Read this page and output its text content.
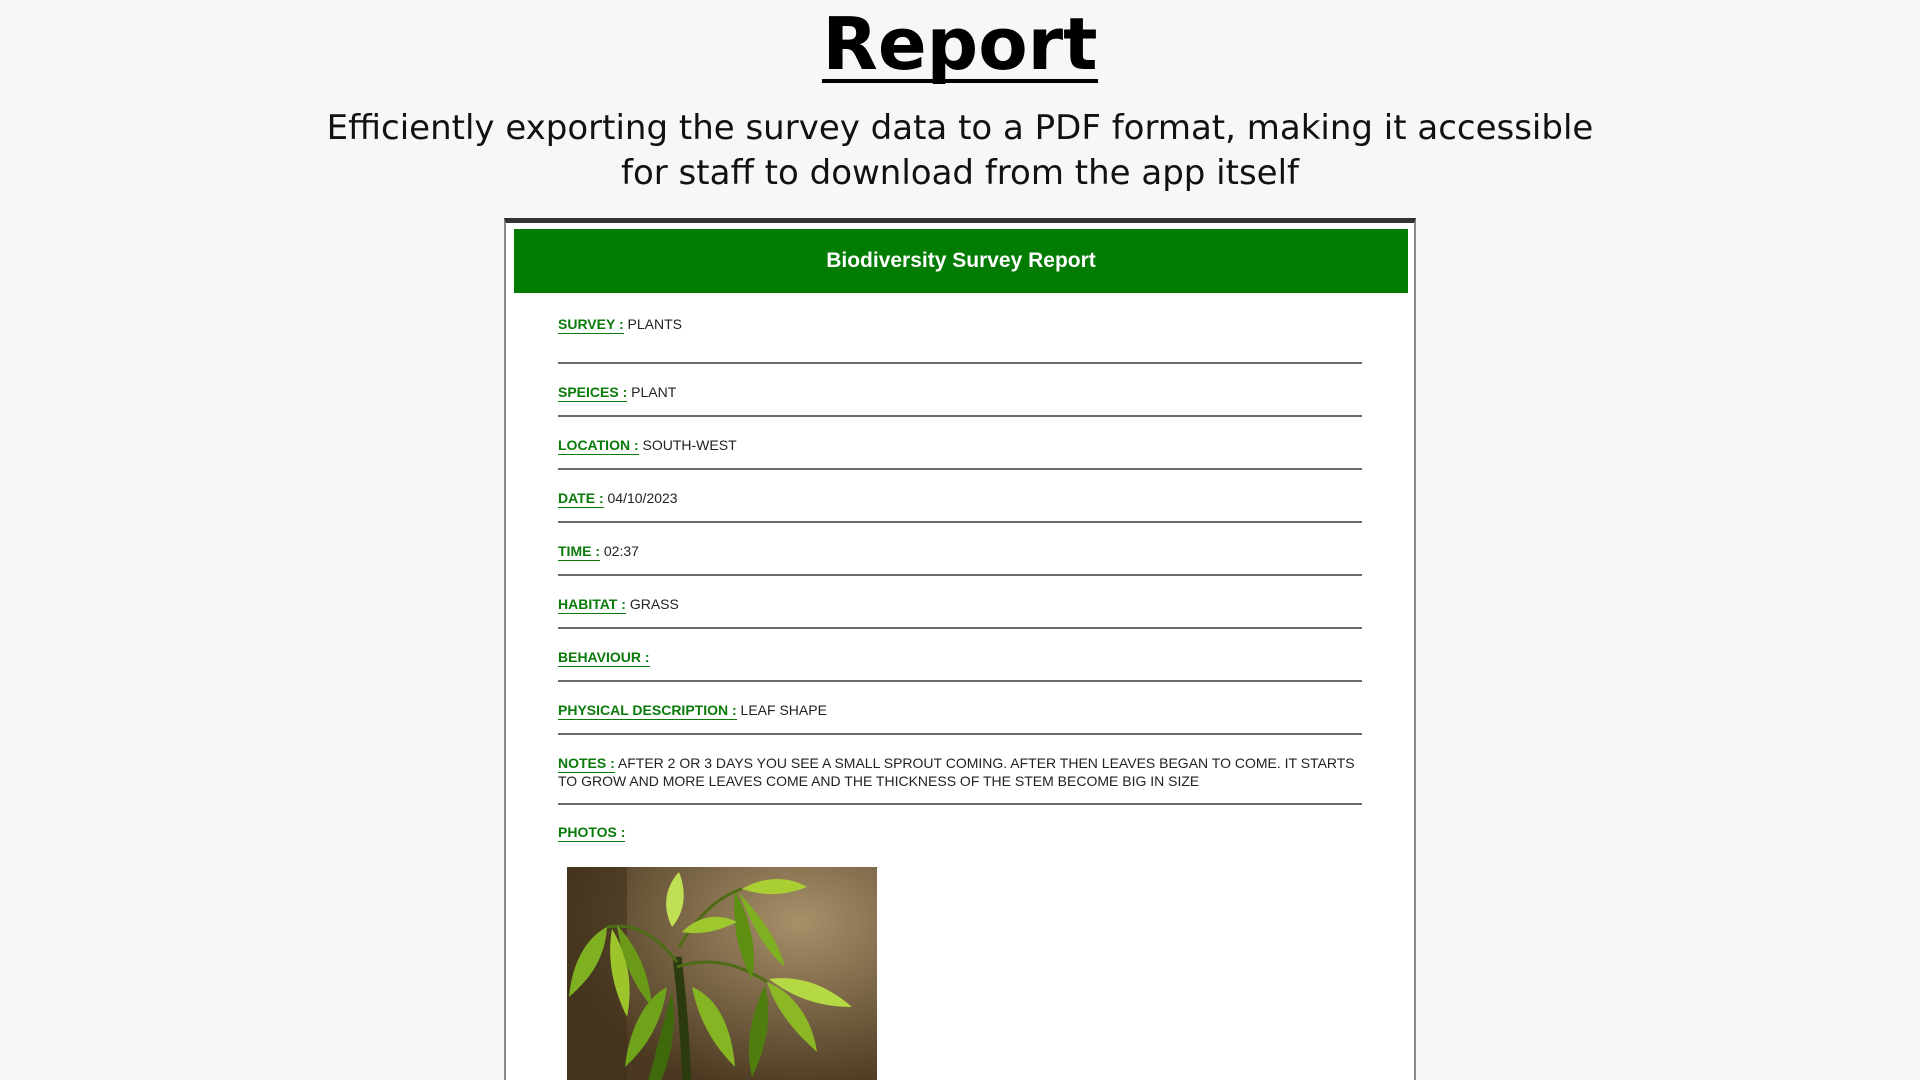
Report

Efficiently exporting the survey data to a PDF format, making it accessible for staff to download from the app itself

Biodiversity Survey Report
SURVEY : PLANTS
SPEICES : PLANT
LOCATION : SOUTH-WEST
DATE : 04/10/2023
TIME : 02:37
HABITAT : GRASS
BEHAVIOUR :
PHYSICAL DESCRIPTION : LEAF SHAPE
NOTES : AFTER 2 OR 3 DAYS YOU SEE A SMALL SPROUT COMING. AFTER THEN LEAVES BEGAN TO COME. IT STARTS TO GROW AND MORE LEAVES COME AND THE THICKNESS OF THE STEM BECOME BIG IN SIZE
PHOTOS :
